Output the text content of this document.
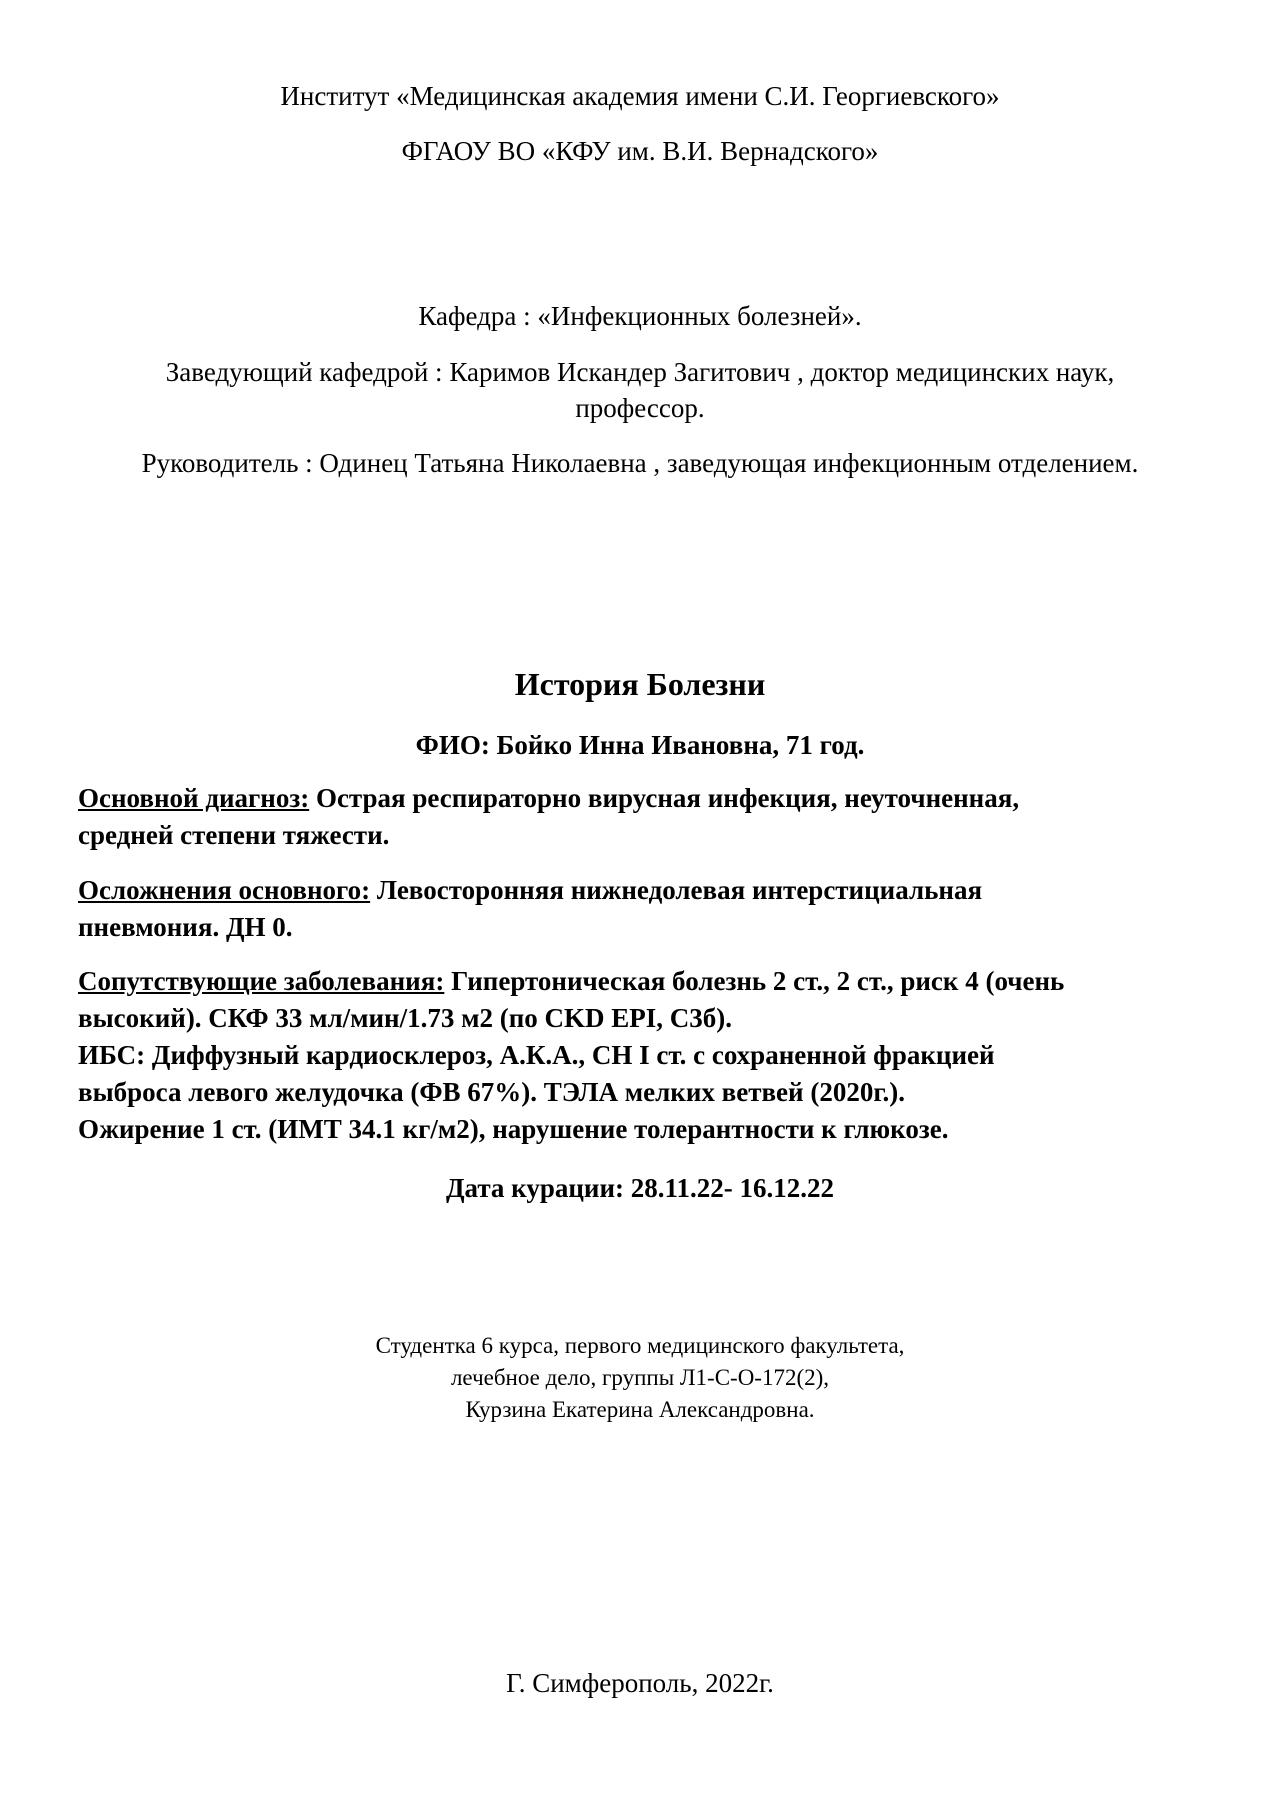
Институт «Медицинская академия имени С.И. Георгиевского»
ФГАОУ ВО «КФУ им. В.И. Вернадского»
Кафедра : «Инфекционных болезней».
Заведующий кафедрой : Каримов Искандер Загитович , доктор медицинских наук,
профессор.
Руководитель : Одинец Татьяна Николаевна , заведующая инфекционным отделением.
История Болезни
ФИО: Бойко Инна Ивановна, 71 год.
Основной диагноз: Острая респираторно вирусная инфекция, неуточненная,
средней степени тяжести.
Осложнения основного: Левосторонняя нижнедолевая интерстициальная
пневмония. ДН 0.
Сопутствующие заболевания: Гипертоническая болезнь 2 ст., 2 ст., риск 4 (очень
высокий). СКФ 33 мл/мин/1.73 м2 (по CKD EPI, С3б).
ИБС: Диффузный кардиосклероз, А.К.А., СН I ст. с сохраненной фракцией
выброса левого желудочка (ФВ 67%). ТЭЛА мелких ветвей (2020г.).
Ожирение 1 ст. (ИМТ 34.1 кг/м2), нарушение толерантности к глюкозе.
Дата курации: 28.11.22- 16.12.22
Студентка 6 курса, первого медицинского факультета,
лечебное дело, группы Л1-С-О-172(2),
Курзина Екатерина Александровна.
Г. Симферополь, 2022г.
